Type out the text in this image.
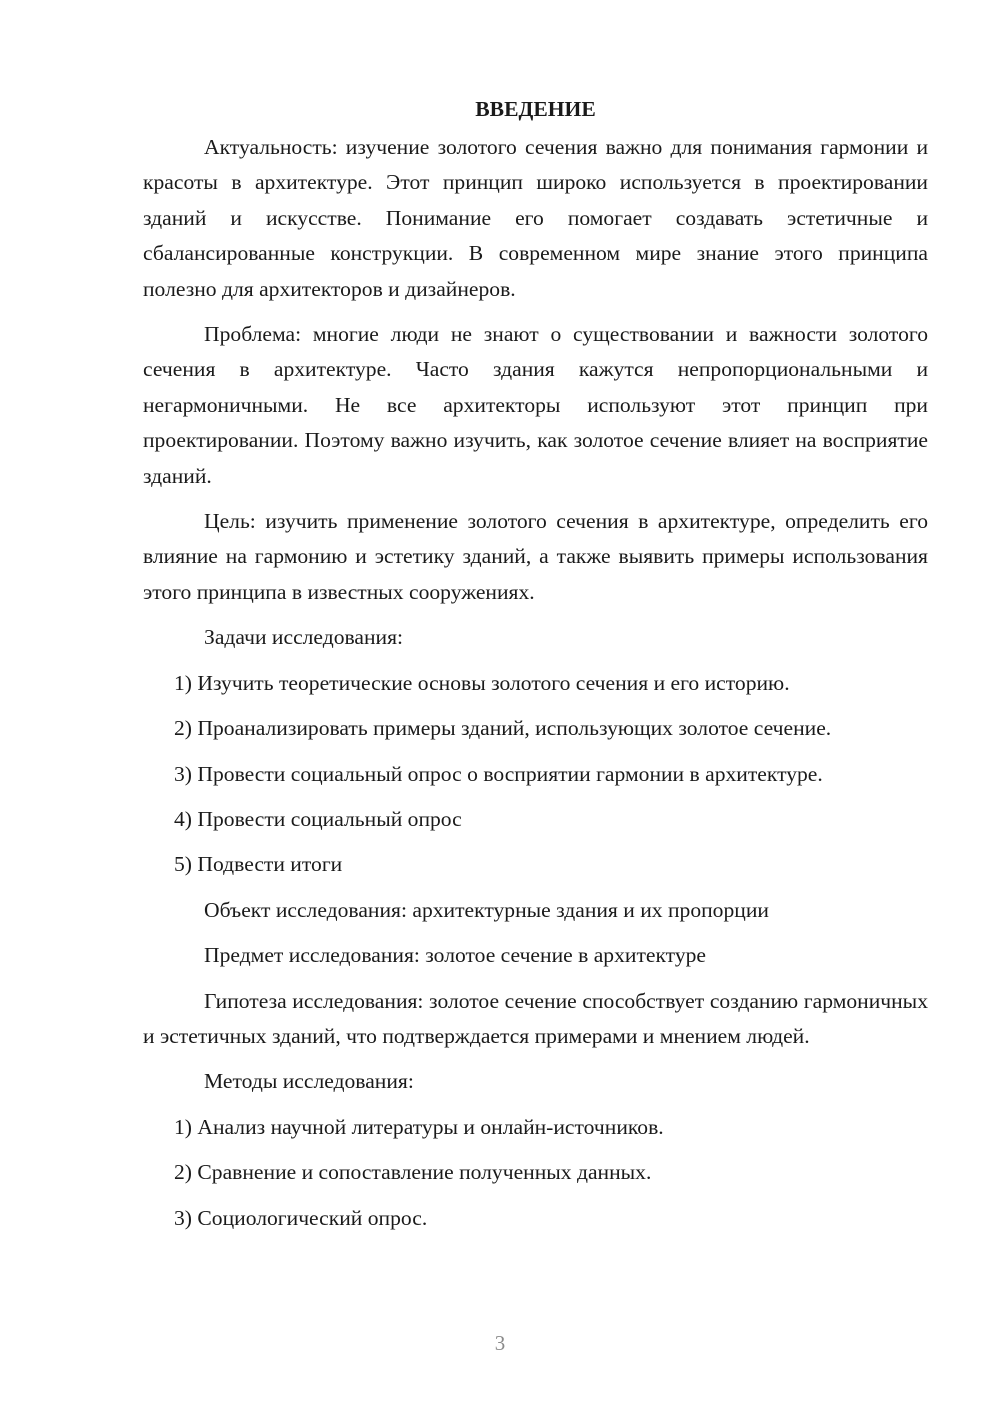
ВВЕДЕНИЕ

Актуальность: изучение золотого сечения важно для понимания гармонии и красоты в архитектуре. Этот принцип широко используется в проектировании зданий и искусстве. Понимание его помогает создавать эстетичные и сбалансированные конструкции. В современном мире знание этого принципа полезно для архитекторов и дизайнеров.

Проблема: многие люди не знают о существовании и важности золотого сечения в архитектуре. Часто здания кажутся непропорциональными и негармоничными. Не все архитекторы используют этот принцип при проектировании. Поэтому важно изучить, как золотое сечение влияет на восприятие зданий.

Цель: изучить применение золотого сечения в архитектуре, определить его влияние на гармонию и эстетику зданий, а также выявить примеры использования этого принципа в известных сооружениях.

Задачи исследования:

1) Изучить теоретические основы золотого сечения и его историю.

2) Проанализировать примеры зданий, использующих золотое сечение.

3) Провести социальный опрос о восприятии гармонии в архитектуре.

4) Провести социальный опрос

5) Подвести итоги

Объект исследования: архитектурные здания и их пропорции

Предмет исследования: золотое сечение в архитектуре

Гипотеза исследования: золотое сечение способствует созданию гармоничных и эстетичных зданий, что подтверждается примерами и мнением людей.

Методы исследования:

1) Анализ научной литературы и онлайн-источников.

2) Сравнение и сопоставление полученных данных.

3) Социологический опрос.

3
